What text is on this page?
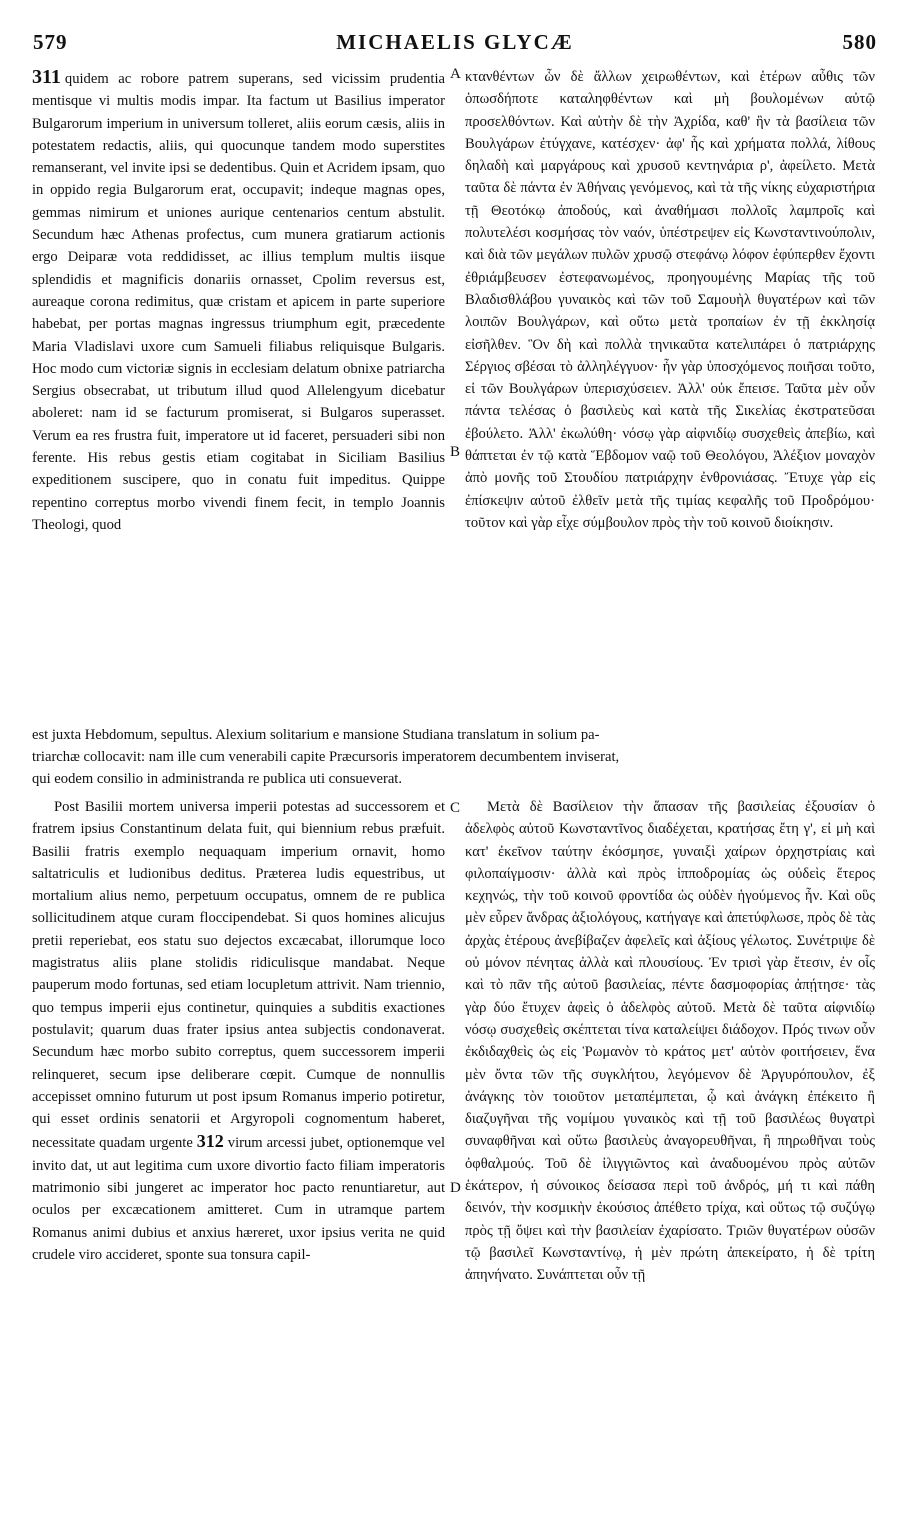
579	MICHAELIS GLYCÆ	580
A
B
C
D

311 quidem ac robore patrem superans, sed vicissim prudentia mentisque vi multis modis impar. Ita factum ut Basilius imperator Bulgarorum imperium in universum tolleret, aliis eorum cæsis, aliis in potestatem redactis, aliis, qui quocunque tandem modo superstites remanserant, vel invite ipsi se dedentibus. Quin et Acridem ipsam, quo in oppido regia Bulgarorum erat, occupavit; indeque magnas opes, gemmas nimirum et uniones aurique centenarios centum abstulit. Secundum hæc Athenas profectus, cum munera gratiarum actionis ergo Deiparæ vota reddidisset, ac illius templum multis iisque splendidis et magnificis donariis ornasset, Cpolim reversus est, aureaque corona redimitus, quæ cristam et apicem in parte superiore habebat, per portas magnas ingressus triumphum egit, præcedente Maria Vladislavi uxore cum Samueli filiabus reliquisque Bulgaris. Hoc modo cum victoriæ signis in ecclesiam delatum obnixe patriarcha Sergius obsecrabat, ut tributum illud quod Allelengyum dicebatur aboleret: nam id se facturum promiserat, si Bulgaros superasset. Verum ea res frustra fuit, imperatore ut id faceret, persuaderi sibi non ferente. His rebus gestis etiam cogitabat in Siciliam Basilius expeditionem suscipere, quo in conatu fuit impeditus. Quippe repentino correptus morbo vivendi finem fecit, in templo Joannis Theologi, quod

κτανθέντων ὧν δὲ ἄλλων χειρωθέντων, καὶ ἑτέρων αὖθις τῶν ὁπωσδήποτε καταληφθέντων καὶ μὴ βουλομένων αὐτῷ προσελθόντων. Καὶ αὐτὴν δὲ τὴν Ἀχρίδα, καθ' ἣν τὰ βασίλεια τῶν Βουλγάρων ἐτύγχανε, κατέσχεν· ἀφ' ἧς καὶ χρήματα πολλά, λίθους δηλαδὴ καὶ μαργάρους καὶ χρυσοῦ κεντηνάρια ρ', ἀφείλετο. Μετὰ ταῦτα δὲ πάντα ἐν Ἀθήναις γενόμενος, καὶ τὰ τῆς νίκης εὐχαριστήρια τῇ Θεοτόκῳ ἀποδούς, καὶ ἀναθήμασι πολλοῖς λαμπροῖς καὶ πολυτελέσι κοσμήσας τὸν ναόν, ὑπέστρεψεν εἰς Κωνσταντινούπολιν, καὶ διὰ τῶν μεγάλων πυλῶν χρυσῷ στεφάνῳ λόφον ἐφύπερθεν ἔχοντι ἐθριάμβευσεν ἐστεφανωμένος, προηγουμένης Μαρίας τῆς τοῦ Βλαδισθλάβου γυναικὸς καὶ τῶν τοῦ Σαμουὴλ θυγατέρων καὶ τῶν λοιπῶν Βουλγάρων, καὶ οὕτω μετὰ τροπαίων ἐν τῇ ἐκκλησίᾳ εἰσῆλθεν. Ὃν δὴ καὶ πολλὰ τηνικαῦτα κατελιπάρει ὁ πατριάρχης Σέργιος σβέσαι τὸ ἀλληλέγγυον· ἦν γὰρ ὑποσχόμενος ποιῆσαι τοῦτο, εἰ τῶν Βουλγάρων ὑπερισχύσειεν. Ἀλλ' οὐκ ἔπεισε. Ταῦτα μὲν οὖν πάντα τελέσας ὁ βασιλεὺς καὶ κατὰ τῆς Σικελίας ἐκστρατεῦσαι ἐβούλετο. Ἀλλ' ἐκωλύθη· νόσῳ γὰρ αἰφνιδίῳ συσχεθεὶς ἀπεβίω, καὶ θάπτεται ἐν τῷ κατὰ Ἕβδομον ναῷ τοῦ Θεολόγου, Ἀλέξιον μοναχὸν ἀπὸ μονῆς τοῦ Στουδίου πατριάρχην ἐνθρονιάσας. Ἔτυχε γὰρ εἰς ἐπίσκεψιν αὐτοῦ ἐλθεῖν μετὰ τῆς τιμίας κεφαλῆς τοῦ Προδρόμου· τοῦτον καὶ γὰρ εἶχε σύμβουλον πρὸς τὴν τοῦ κοινοῦ διοίκησιν.

est juxta Hebdomum, sepultus. Alexium solitarium e mansione Studiana translatum in solium pa-
triarchæ collocavit: nam ille cum venerabili capite Præcursoris imperatorem decumbentem inviserat,
qui eodem consilio in administranda re publica uti consueverat.

Post Basilii mortem universa imperii potestas ad successorem et fratrem ipsius Constantinum delata fuit, qui biennium rebus præfuit. Basilii fratris exemplo nequaquam imperium ornavit, homo saltatriculis et ludionibus deditus. Præterea ludis equestribus, ut mortalium alius nemo, perpetuum occupatus, omnem de re publica sollicitudinem atque curam floccipendebat. Si quos homines alicujus pretii reperiebat, eos statu suo dejectos excæcabat, illorumque loco magistratus aliis plane stolidis ridiculisque mandabat. Neque pauperum modo fortunas, sed etiam locupletum attrivit. Nam triennio, quo tempus imperii ejus continetur, quinquies a subditis exactiones postulavit; quarum duas frater ipsius antea subjectis condonaverat. Secundum hæc morbo subito correptus, quem successorem imperii relinqueret, secum ipse deliberare cœpit. Cumque de nonnullis accepisset omnino futurum ut post ipsum Romanus imperio potiretur, qui esset ordinis senatorii et Argyropoli cognomentum haberet, necessitate quadam urgente 312 virum arcessi jubet, optionemque vel invito dat, ut aut legitima cum uxore divortio facto filiam imperatoris matrimonio sibi jungeret ac imperator hoc pacto renuntiaretur, aut oculos per excæcationem amitteret. Cum in utramque partem Romanus animi dubius et anxius hæreret, uxor ipsius verita ne quid crudele viro accideret, sponte sua tonsura capil-

Μετὰ δὲ Βασίλειον τὴν ἅπασαν τῆς βασιλείας ἐξουσίαν ὁ ἀδελφὸς αὐτοῦ Κωνσταντῖνος διαδέχεται, κρατήσας ἔτη γ', εἰ μὴ καὶ κατ' ἐκεῖνον ταύτην ἐκόσμησε, γυναιξὶ χαίρων ὀρχηστρίαις καὶ φιλοπαίγμοσιν· ἀλλὰ καὶ πρὸς ἱπποδρομίας ὡς οὐδεὶς ἕτερος κεχηνώς, τὴν τοῦ κοινοῦ φροντίδα ὡς οὐδὲν ἡγούμενος ἦν. Καὶ οὓς μὲν εὗρεν ἄνδρας ἀξιολόγους, κατήγαγε καὶ ἀπετύφλωσε, πρὸς δὲ τὰς ἀρχὰς ἑτέρους ἀνεβίβαζεν ἀφελεῖς καὶ ἀξίους γέλωτος. Συνέτριψε δὲ οὐ μόνον πένητας ἀλλὰ καὶ πλουσίους. Ἐν τρισὶ γὰρ ἔτεσιν, ἐν οἷς καὶ τὸ πᾶν τῆς αὐτοῦ βασιλείας, πέντε δασμοφορίας ἀπῄτησε· τὰς γὰρ δύο ἔτυχεν ἀφεὶς ὁ ἀδελφὸς αὐτοῦ. Μετὰ δὲ ταῦτα αἰφνιδίῳ νόσῳ συσχεθεὶς σκέπτεται τίνα καταλείψει διάδοχον. Πρός τινων οὖν ἐκδιδαχθεὶς ὡς εἰς Ῥωμανὸν τὸ κράτος μετ' αὐτὸν φοιτήσειεν, ἕνα μὲν ὄντα τῶν τῆς συγκλήτου, λεγόμενον δὲ Ἀργυρόπουλον, ἐξ ἀνάγκης τὸν τοιοῦτον μεταπέμπεται, ᾧ καὶ ἀνάγκη ἐπέκειτο ἢ διαζυγῆναι τῆς νομίμου γυναικὸς καὶ τῇ τοῦ βασιλέως θυγατρὶ συναφθῆναι καὶ οὕτω βασιλεὺς ἀναγορευθῆναι, ἢ πηρωθῆναι τοὺς ὀφθαλμούς. Τοῦ δὲ ἰλιγγιῶντος καὶ ἀναδυομένου πρὸς αὐτῶν ἑκάτερον, ἡ σύνοικος δείσασα περὶ τοῦ ἀνδρός, μή τι καὶ πάθη δεινόν, τὴν κοσμικὴν ἐκούσιος ἀπέθετο τρίχα, καὶ οὕτως τῷ συζύγῳ πρὸς τῇ ὄψει καὶ τὴν βασιλείαν ἐχαρίσατο. Τριῶν θυγατέρων οὐσῶν τῷ βασιλεῖ Κωνσταντίνῳ, ἡ μὲν πρώτη ἀπεκείρατο, ἡ δὲ τρίτη ἀπηνήνατο. Συνάπτεται οὖν τῇ
